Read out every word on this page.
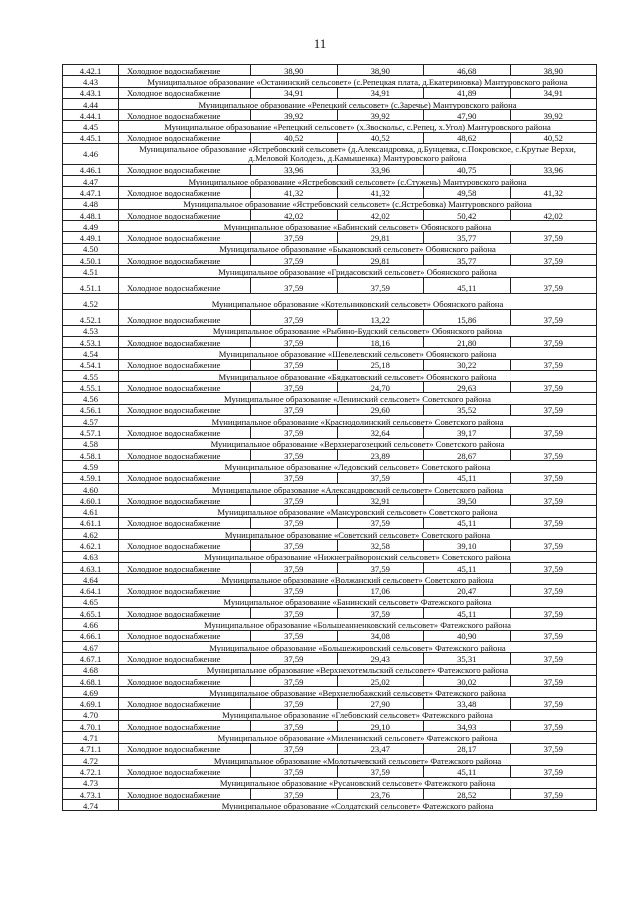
11
4.42.1	Холодное водоснабжение	38,90	38,90	46,68	38,90
4.43	Муниципальное образование «Останинский сельсовет» (с.Репецкая плата, д.Екатериновка) Мантуровского района				
4.43.1	Холодное водоснабжение	34,91	34,91	41,89	34,91
4.44	Муниципальное образование «Репецкий сельсовет» (с.Заречье) Мантуровского района				
4.44.1	Холодное водоснабжение	39,92	39,92	47,90	39,92
4.45	Муниципальное образование «Репецкий сельсовет» (х.Звоскольс, с.Репец, х.Угол) Мантуровского района				
4.45.1	Холодное водоснабжение	40,52	40,52	48,62	40,52
4.46	Муниципальное образование «Ястребовский сельсовет» (д.Александровка, д.Бунцевка, с.Покровское, с.Крутые Верхи, д.Меловой Колодезь, д.Камышенка) Мантуровского района				
4.46.1	Холодное водоснабжение	33,96	33,96	40,75	33,96
4.47	Муниципальное образование «Ястребовский сельсовет» (с.Стужень) Мантуровского района				
4.47.1	Холодное водоснабжение	41,32	41,32	49,58	41,32
4.48	Муниципальное образование «Ястребовский сельсовет» (с.Ястребовка) Мантуровского района				
4.48.1	Холодное водоснабжение	42,02	42,02	50,42	42,02
4.49	Муниципальное образование «Бабинский сельсовет» Обоянского района				
4.49.1	Холодное водоснабжение	37,59	29,81	35,77	37,59
4.50	Муниципальное образование «Быкановский сельсовет» Обоянского района				
4.50.1	Холодное водоснабжение	37,59	29,81	35,77	37,59
4.51	Муниципальное образование «Гридасовский сельсовет» Обоянского района				
4.51.1	Холодное водоснабжение	37,59	37,59	45,11	37,59
4.52	Муниципальное образование «Котельниковский сельсовет» Обоянского района				
4.52.1	Холодное водоснабжение	37,59	13,22	15,86	37,59
4.53	Муниципальное образование «Рыбино-Будский сельсовет» Обоянского района				
4.53.1	Холодное водоснабжение	37,59	18,16	21,80	37,59
4.54	Муниципальное образование «Шевелевский сельсовет» Обоянского района				
4.54.1	Холодное водоснабжение	37,59	25,18	30,22	37,59
4.55	Муниципальное образование «Бядкатовский сельсовет» Обоянского района				
4.55.1	Холодное водоснабжение	37,59	24,70	29,63	37,59
4.56	Муниципальное образование «Ленинский сельсовет» Советского района				
4.56.1	Холодное водоснабжение	37,59	29,60	35,52	37,59
4.57	Муниципальное образование «Краснодолинский сельсовет» Советского района				
4.57.1	Холодное водоснабжение	37,59	32,64	39,17	37,59
4.58	Муниципальное образование «Верхнерагозецкий сельсовет» Советского района				
4.58.1	Холодное водоснабжение	37,59	23,89	28,67	37,59
4.59	Муниципальное образование «Ледовский сельсовет» Советского района				
4.59.1	Холодное водоснабжение	37,59	37,59	45,11	37,59
4.60	Муниципальное образование «Александровский сельсовет» Советского района				
4.60.1	Холодное водоснабжение	37,59	32,91	39,50	37,59
4.61	Муниципальное образование «Мансуровский сельсовет» Советского района				
4.61.1	Холодное водоснабжение	37,59	37,59	45,11	37,59
4.62	Муниципальное образование «Советский сельсовет» Советского района				
4.62.1	Холодное водоснабжение	37,59	32,58	39,10	37,59
4.63	Муниципальное образование «Нижнеграйворонский сельсовет» Советского района				
4.63.1	Холодное водоснабжение	37,59	37,59	45,11	37,59
4.64	Муниципальное образование «Волжанский сельсовет» Советского района				
4.64.1	Холодное водоснабжение	37,59	17,06	20,47	37,59
4.65	Муниципальное образование «Банинский сельсовет» Фатежского района				
4.65.1	Холодное водоснабжение	37,59	37,59	45,11	37,59
4.66	Муниципальное образование «Большеанненковский сельсовет» Фатежского района				
4.66.1	Холодное водоснабжение	37,59	34,08	40,90	37,59
4.67	Муниципальное образование «Большежировский сельсовет» Фатежского района				
4.67.1	Холодное водоснабжение	37,59	29,43	35,31	37,59
4.68	Муниципальное образование «Верхнехотемльский сельсовет» Фатежского района				
4.68.1	Холодное водоснабжение	37,59	25,02	30,02	37,59
4.69	Муниципальное образование «Верхнелюбажский сельсовет» Фатежского района				
4.69.1	Холодное водоснабжение	37,59	27,90	33,48	37,59
4.70	Муниципальное образование «Глебовский сельсовет» Фатежского района				
4.70.1	Холодное водоснабжение	37,59	29,10	34,93	37,59
4.71	Муниципальное образование «Миленинский сельсовет» Фатежского района				
4.71.1	Холодное водоснабжение	37,59	23,47	28,17	37,59
4.72	Муниципальное образование «Молотычевский сельсовет» Фатежского района				
4.72.1	Холодное водоснабжение	37,59	37,59	45,11	37,59
4.73	Муниципальное образование «Русановский сельсовет» Фатежского района				
4.73.1	Холодное водоснабжение	37,59	23,76	28,52	37,59
4.74	Муниципальное образование «Солдатский сельсовет» Фатежского района				
